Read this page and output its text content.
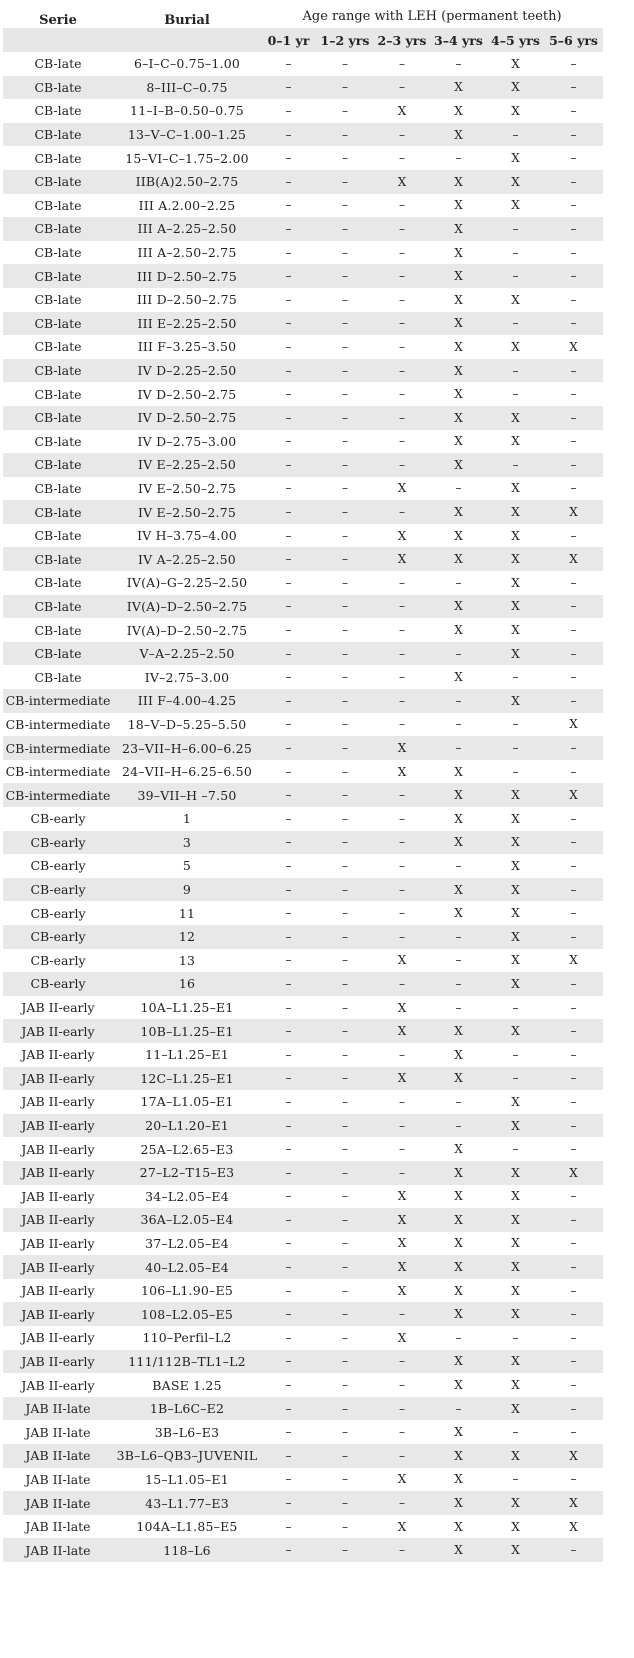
Serie	Burial	Age range with LEH (permanent teeth)					
		0–1 yr	1–2 yrs	2–3 yrs	3–4 yrs	4–5 yrs	5–6 yrs
CB-late	6–I–C–0.75–1.00	–	–	–	–	X	–
CB-late	8–III–C–0.75	–	–	–	X	X	–
CB-late	11–I–B–0.50–0.75	–	–	X	X	X	–
CB-late	13–V–C–1.00–1.25	–	–	–	X	–	–
CB-late	15–VI–C–1.75–2.00	–	–	–	–	X	–
CB-late	IIB(A)2.50–2.75	–	–	X	X	X	–
CB-late	III A.2.00–2.25	–	–	–	X	X	–
CB-late	III A–2.25–2.50	–	–	–	X	–	–
CB-late	III A–2.50–2.75	–	–	–	X	–	–
CB-late	III D–2.50–2.75	–	–	–	X	–	–
CB-late	III D–2.50–2.75	–	–	–	X	X	–
CB-late	III E–2.25–2.50	–	–	–	X	–	–
CB-late	III F–3.25–3.50	–	–	–	X	X	X
CB-late	IV D–2.25–2.50	–	–	–	X	–	–
CB-late	IV D–2.50–2.75	–	–	–	X	–	–
CB-late	IV D–2.50–2.75	–	–	–	X	X	–
CB-late	IV D–2.75–3.00	–	–	–	X	X	–
CB-late	IV E–2.25–2.50	–	–	–	X	–	–
CB-late	IV E–2.50–2.75	–	–	X	–	X	–
CB-late	IV E–2.50–2.75	–	–	–	X	X	X
CB-late	IV H–3.75–4.00	–	–	X	X	X	–
CB-late	IV A–2.25–2.50	–	–	X	X	X	X
CB-late	IV(A)–G–2.25–2.50	–	–	–	–	X	–
CB-late	IV(A)–D–2.50–2.75	–	–	–	X	X	–
CB-late	IV(A)–D–2.50–2.75	–	–	–	X	X	–
CB-late	V–A–2.25–2.50	–	–	–	–	X	–
CB-late	IV–2.75–3.00	–	–	–	X	–	–
CB-intermediate	III F–4.00–4.25	–	–	–	–	X	–
CB-intermediate	18–V–D–5.25–5.50	–	–	–	–	–	X
CB-intermediate	23–VII–H–6.00–6.25	–	–	X	–	–	–
CB-intermediate	24–VII–H–6.25–6.50	–	–	X	X	–	–
CB-intermediate	39–VII–H –7.50	–	–	–	X	X	X
CB-early	1	–	–	–	X	X	–
CB-early	3	–	–	–	X	X	–
CB-early	5	–	–	–	–	X	–
CB-early	9	–	–	–	X	X	–
CB-early	11	–	–	–	X	X	–
CB-early	12	–	–	–	–	X	–
CB-early	13	–	–	X	–	X	X
CB-early	16	–	–	–	–	X	–
JAB II-early	10A–L1.25–E1	–	–	X	–	–	–
JAB II-early	10B–L1.25–E1	–	–	X	X	X	–
JAB II-early	11–L1.25–E1	–	–	–	X	–	–
JAB II-early	12C–L1.25–E1	–	–	X	X	–	–
JAB II-early	17A–L1.05–E1	–	–	–	–	X	–
JAB II-early	20–L1.20–E1	–	–	–	–	X	–
JAB II-early	25A–L2.65–E3	–	–	–	X	–	–
JAB II-early	27–L2–T15–E3	–	–	–	X	X	X
JAB II-early	34–L2.05–E4	–	–	X	X	X	–
JAB II-early	36A–L2.05–E4	–	–	X	X	X	–
JAB II-early	37–L2.05–E4	–	–	X	X	X	–
JAB II-early	40–L2.05–E4	–	–	X	X	X	–
JAB II-early	106–L1.90–E5	–	–	X	X	X	–
JAB II-early	108–L2.05–E5	–	–	–	X	X	–
JAB II-early	110–Perfil–L2	–	–	X	–	–	–
JAB II-early	111/112B–TL1–L2	–	–	–	X	X	–
JAB II-early	BASE 1.25	–	–	–	X	X	–
JAB II-late	1B–L6C–E2	–	–	–	–	X	–
JAB II-late	3B–L6–E3	–	–	–	X	–	–
JAB II-late	3B–L6–QB3–JUVENIL	–	–	–	X	X	X
JAB II-late	15–L1.05–E1	–	–	X	X	–	–
JAB II-late	43–L1.77–E3	–	–	–	X	X	X
JAB II-late	104A–L1.85–E5	–	–	X	X	X	X
JAB II-late	118–L6	–	–	–	X	X	–
